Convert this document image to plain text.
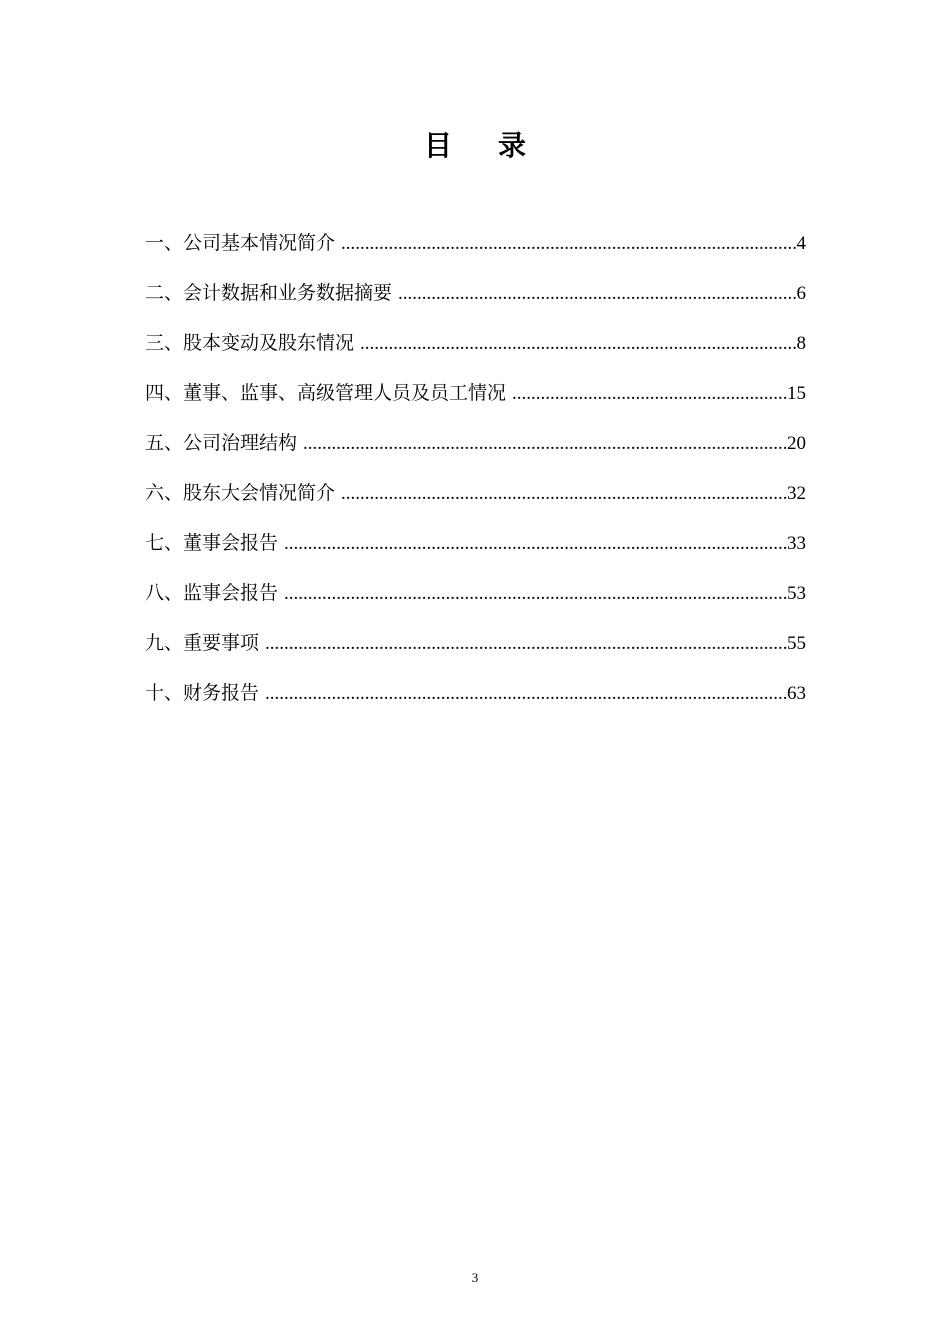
目 录
一、公司基本情况简介 .....	4
二、会计数据和业务数据摘要 .....	6
三、股本变动及股东情况 .....	8
四、董事、监事、高级管理人员及员工情况 .....	15
五、公司治理结构 .....	20
六、股东大会情况简介 .....	32
七、董事会报告 .....	33
八、监事会报告 .....	53
九、重要事项 .....	55
十、财务报告 .....	63
3
